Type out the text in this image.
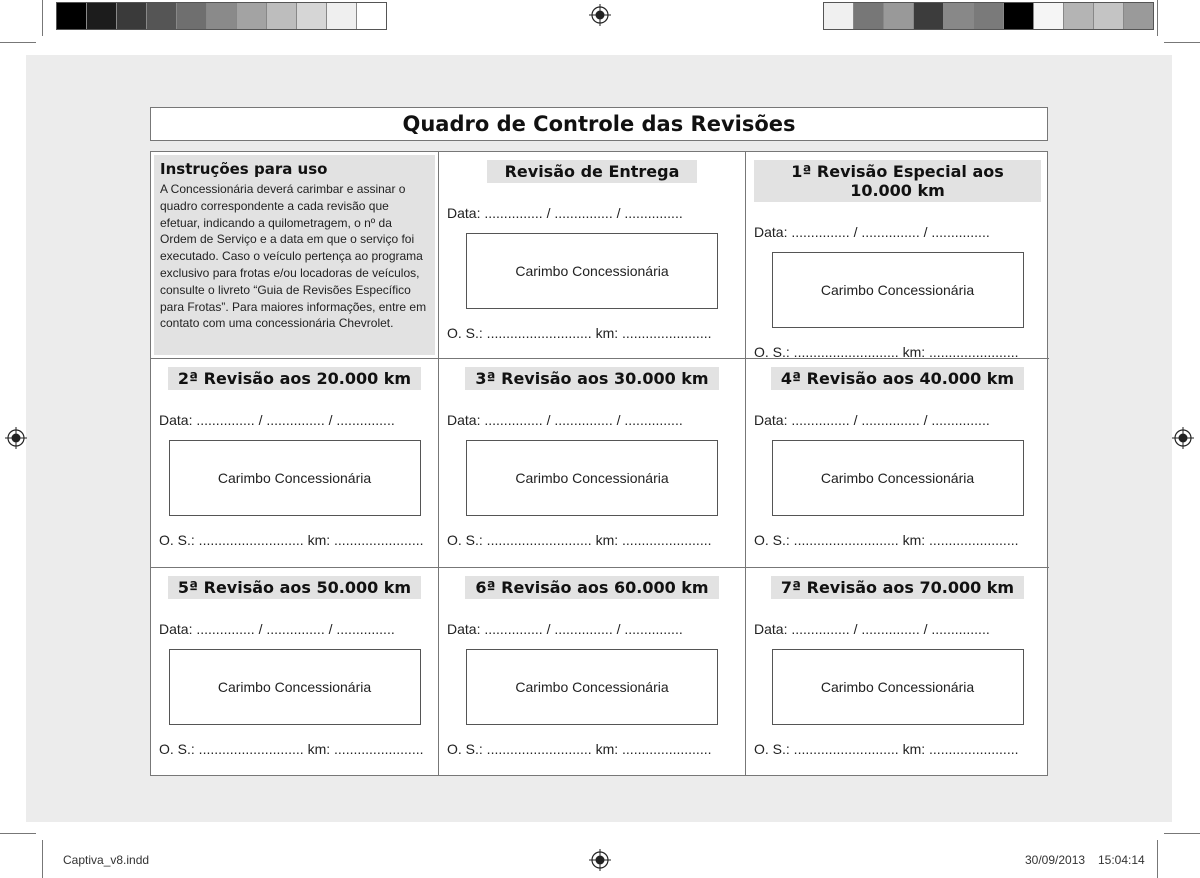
Quadro de Controle das Revisões
Instruções para uso
A Concessionária deverá carimbar e assinar o quadro correspondente a cada revisão que efetuar, indicando a quilometragem, o nº da Ordem de Serviço e a data em que o serviço foi executado. Caso o veículo pertença ao programa exclusivo para frotas e/ou locadoras de veículos, consulte o livreto “Guia de Revisões Específico para Frotas”. Para maiores informações, entre em contato com uma concessionária Chevrolet.
Revisão de Entrega
Data: ............... / ............... / ...............
Carimbo Concessionária
O. S.: ........................... km: .......................
1ª Revisão Especial aos 10.000 km
Data: ............... / ............... / ...............
Carimbo Concessionária
O. S.: ........................... km: .......................
2ª Revisão aos 20.000 km
Data: ............... / ............... / ...............
Carimbo Concessionária
O. S.: ........................... km: .......................
3ª Revisão aos 30.000 km
Data: ............... / ............... / ...............
Carimbo Concessionária
O. S.: ........................... km: .......................
4ª Revisão aos 40.000 km
Data: ............... / ............... / ...............
Carimbo Concessionária
O. S.: ........................... km: .......................
5ª Revisão aos 50.000 km
Data: ............... / ............... / ...............
Carimbo Concessionária
O. S.: ........................... km: .......................
6ª Revisão aos 60.000 km
Data: ............... / ............... / ...............
Carimbo Concessionária
O. S.: ........................... km: .......................
7ª Revisão aos 70.000 km
Data: ............... / ............... / ...............
Carimbo Concessionária
O. S.: ........................... km: .......................
Captiva_v8.indd	30/09/2013 15:04:14
